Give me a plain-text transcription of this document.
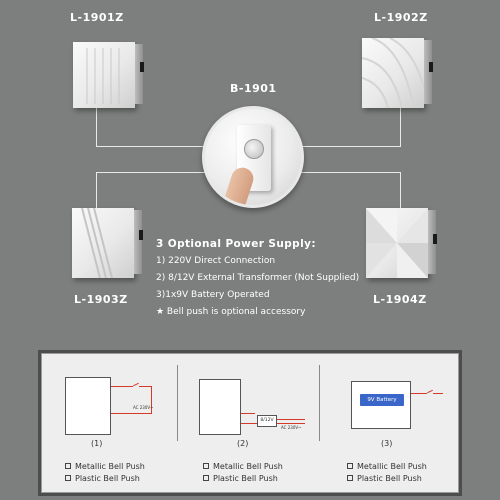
L-1901Z	L-1902Z
B-1901
L-1903Z	L-1904Z
3 Optional Power Supply:
1) 220V Direct Connection
2) 8/12V External Transformer (Not Supplied)
3)1x9V Battery Operated
★ Bell push is optional accessory
AC 230V~
(1)
Metallic Bell Push
Plastic Bell Push
8/12V
AC 230V~
(2)
Metallic Bell Push
Plastic Bell Push
9V Battery
(3)
Metallic Bell Push
Plastic Bell Push
